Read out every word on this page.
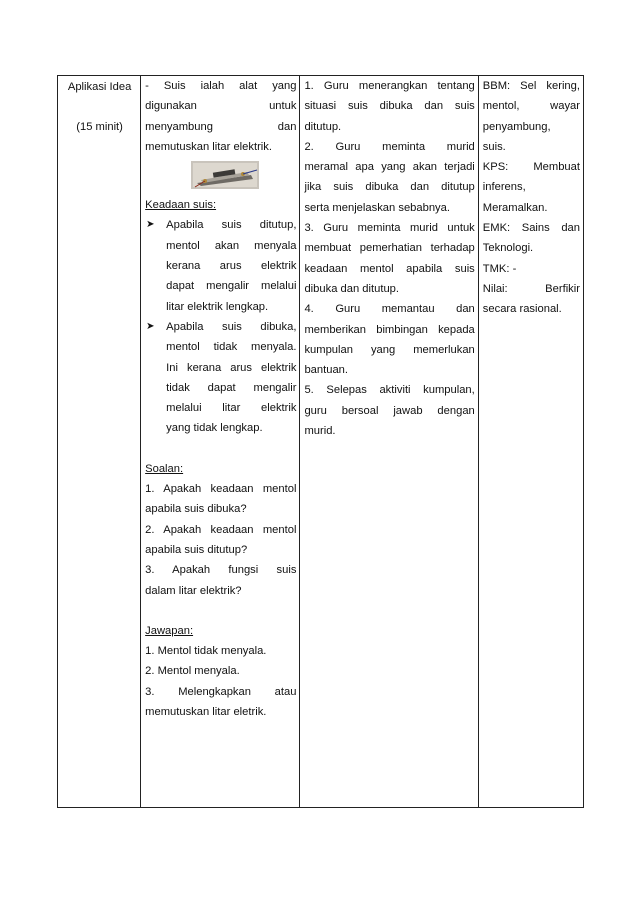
Aplikasi Idea
(15 minit)

- Suis ialah alat yang
digunakan untuk
menyambung dan
memutuskan litar elektrik.
Keadaan suis:
➤ Apabila suis ditutup,
mentol akan menyala
kerana arus elektrik
dapat mengalir melalui
litar elektrik lengkap.
➤ Apabila suis dibuka,
mentol tidak menyala.
Ini kerana arus elektrik
tidak dapat mengalir
melalui litar elektrik
yang tidak lengkap.
Soalan:
1. Apakah keadaan mentol
apabila suis dibuka?
2. Apakah keadaan mentol
apabila suis ditutup?
3. Apakah fungsi suis
dalam litar elektrik?
Jawapan:
1. Mentol tidak menyala.
2. Mentol menyala.
3. Melengkapkan atau
memutuskan litar eletrik.

1. Guru menerangkan tentang
situasi suis dibuka dan suis
ditutup.
2. Guru meminta murid
meramal apa yang akan terjadi
jika suis dibuka dan ditutup
serta menjelaskan sebabnya.
3. Guru meminta murid untuk
membuat pemerhatian terhadap
keadaan mentol apabila suis
dibuka dan ditutup.
4. Guru memantau dan
memberikan bimbingan kepada
kumpulan yang memerlukan
bantuan.
5. Selepas aktiviti kumpulan,
guru bersoal jawab dengan
murid.

BBM: Sel kering,
mentol, wayar
penyambung,
suis.
KPS: Membuat
inferens,
Meramalkan.
EMK: Sains dan
Teknologi.
TMK: -
Nilai: Berfikir
secara rasional.
